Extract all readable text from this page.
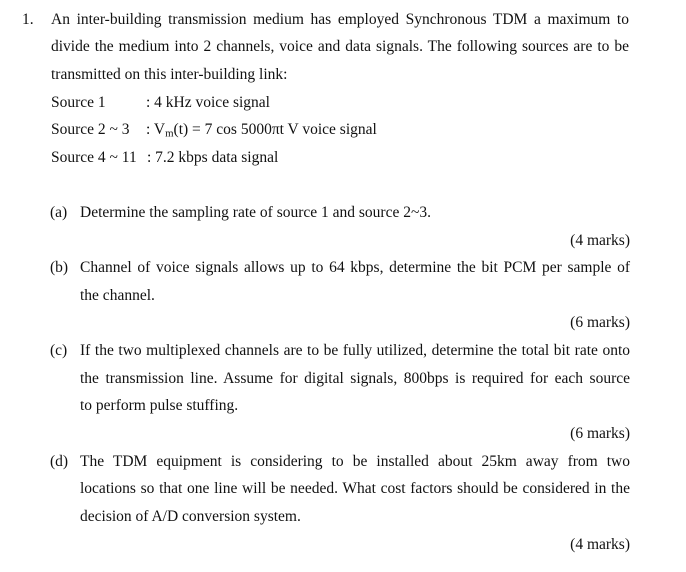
1. An inter-building transmission medium has employed Synchronous TDM a maximum to
divide the medium into 2 channels, voice and data signals. The following sources are to be
transmitted on this inter-building link:
Source 1	: 4 kHz voice signal
Source 2 ~ 3 : $V_m(t) = 7$ cos 5000πt V voice signal
Source 4 ~ 11 : 7.2 kbps data signal
(a) Determine the sampling rate of source 1 and source 2~3.
(4 marks)
(b) Channel of voice signals allows up to 64 kbps, determine the bit PCM per sample of
the channel.
(6 marks)
(c) If the two multiplexed channels are to be fully utilized, determine the total bit rate onto
the transmission line. Assume for digital signals, 800bps is required for each source
to perform pulse stuffing.
(6 marks)
(d) The TDM equipment is considering to be installed about 25km away from two
locations so that one line will be needed. What cost factors should be considered in the
decision of A/D conversion system.
(4 marks)
